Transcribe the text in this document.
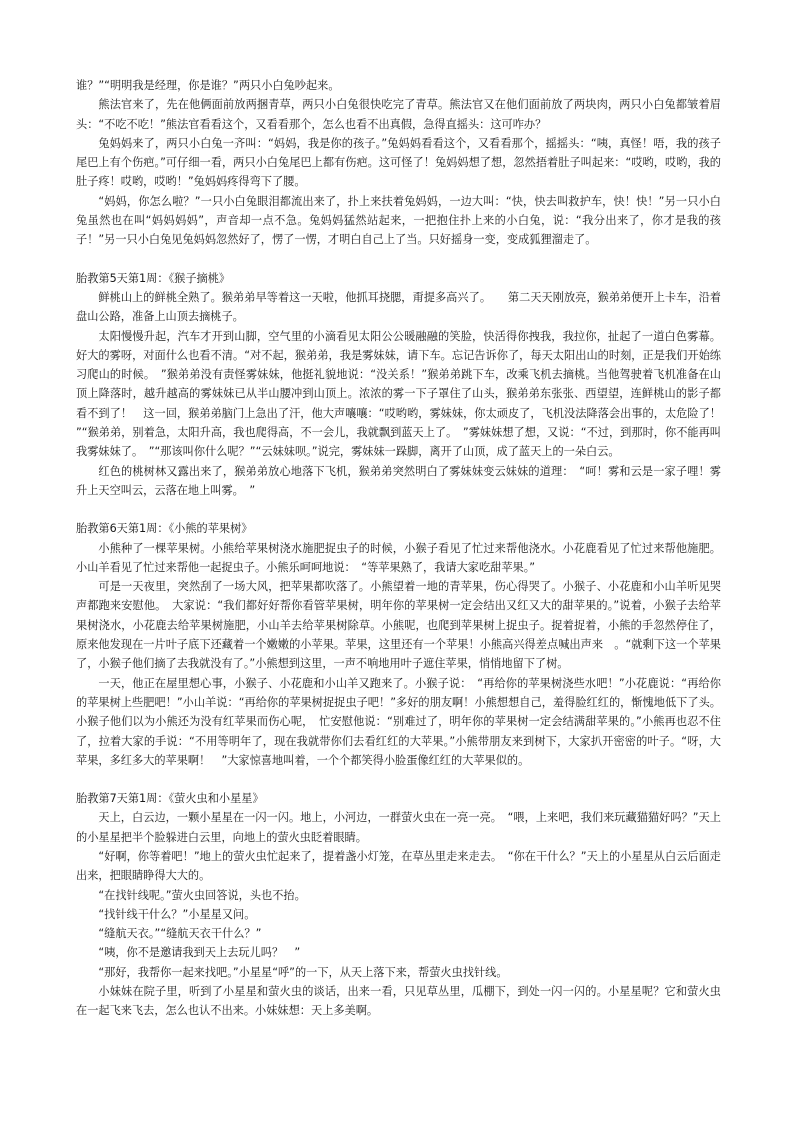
谁？”“明明我是经理，你是谁？”两只小白兔吵起来。

熊法官来了，先在他俩面前放两捆青草，两只小白兔很快吃完了青草。熊法官又在他们面前放了两块肉，两只小白兔都皱着眉头：“不吃不吃！”熊法官看看这个，又看看那个，怎么也看不出真假，急得直摇头：这可咋办？

兔妈妈来了，两只小白兔一齐叫：“妈妈，我是你的孩子。”兔妈妈看看这个，又看看那个，摇摇头：“咦，真怪！唔，我的孩子尾巴上有个伤疤。”可仔细一看，两只小白兔尾巴上都有伤疤。这可怪了！兔妈妈想了想，忽然捂着肚子叫起来：“哎哟，哎哟，我的肚子疼！哎哟，哎哟！”兔妈妈疼得弯下了腰。

“妈妈，你怎么啦？”一只小白兔眼泪都流出来了，扑上来扶着兔妈妈，一边大叫：“快，快去叫救护车，快！快！”另一只小白兔虽然也在叫“妈妈妈妈”，声音却一点不急。兔妈妈猛然站起来，一把抱住扑上来的小白兔，说：“我分出来了，你才是我的孩子！”另一只小白兔见兔妈妈忽然好了，愣了一愣，才明白自己上了当。只好摇身一变，变成狐狸溜走了。

胎教第5天第1周：《猴子摘桃》

鲜桃山上的鲜桃全熟了。猴弟弟早等着这一天啦，他抓耳挠腮，甭提多高兴了。　　第二天天刚放亮，猴弟弟便开上卡车，沿着盘山公路，准备上山顶去摘桃子。

太阳慢慢升起，汽车才开到山脚，空气里的小滴看见太阳公公暖融融的笑脸，快活得你拽我，我拉你，扯起了一道白色雾幕。好大的雾呀，对面什么也看不清。“对不起，猴弟弟，我是雾妹妹，请下车。忘记告诉你了，每天太阳出山的时刻，正是我们开始练习爬山的时候。　”猴弟弟没有责怪雾妹妹，他挺礼貌地说：“没关系！”猴弟弟跳下车，改乘飞机去摘桃。当他驾驶着飞机准备在山顶上降落时，越升越高的雾妹妹已从半山腰冲到山顶上。浓浓的雾一下子罩住了山头，猴弟弟东张张、西望望，连鲜桃山的影子都看不到了！　这一回，猴弟弟脑门上急出了汗，他大声嚷嚷：“哎哟哟，雾妹妹，你太顽皮了，飞机没法降落会出事的，太危险了！　”“猴弟弟，别着急，太阳升高，我也爬得高，不一会儿，我就飘到蓝天上了。　”雾妹妹想了想，又说：“不过，到那时，你不能再叫我雾妹妹了。　”“那该叫你什么呢？”“云妹妹呗。”说完，雾妹妹一跺脚，离开了山顶，成了蓝天上的一朵白云。

红色的桃树林又露出来了，猴弟弟放心地落下飞机，猴弟弟突然明白了雾妹妹变云妹妹的道理：　“呵！雾和云是一家子哩！雾升上天空叫云，云落在地上叫雾。　”

胎教第6天第1周：《小熊的苹果树》

小熊种了一棵苹果树。小熊给苹果树浇水施肥捉虫子的时候，小猴子看见了忙过来帮他浇水。小花鹿看见了忙过来帮他施肥。小山羊看见了忙过来帮他一起捉虫子。小熊乐呵呵地说：　“等苹果熟了，我请大家吃甜苹果。”

可是一天夜里，突然刮了一场大风，把苹果都吹落了。小熊望着一地的青苹果，伤心得哭了。小猴子、小花鹿和小山羊听见哭声都跑来安慰他。　大家说：“我们都好好帮你看管苹果树，明年你的苹果树一定会结出又红又大的甜苹果的。”说着，小猴子去给苹果树浇水，小花鹿去给苹果树施肥，小山羊去给苹果树除草。小熊呢，也爬到苹果树上捉虫子。捉着捉着，小熊的手忽然停住了，原来他发现在一片叶子底下还藏着一个嫩嫩的小苹果。苹果，这里还有一个苹果！小熊高兴得差点喊出声来　。“就剩下这一个苹果了，小猴子他们摘了去我就没有了。”小熊想到这里，一声不响地用叶子遮住苹果，悄悄地留下了树。

一天，他正在屋里想心事，小猴子、小花鹿和小山羊又跑来了。小猴子说：　“再给你的苹果树浇些水吧！”小花鹿说：“再给你的苹果树上些肥吧！”小山羊说：“再给你的苹果树捉捉虫子吧！”多好的朋友啊！小熊想想自己，羞得脸红红的，惭愧地低下了头。小猴子他们以为小熊还为没有红苹果而伤心呢，　忙安慰他说：“别难过了，明年你的苹果树一定会结满甜苹果的。”小熊再也忍不住了，拉着大家的手说：“不用等明年了，现在我就带你们去看红红的大苹果。”小熊带朋友来到树下，大家扒开密密的叶子。“呀，大苹果，多红多大的苹果啊！　”大家惊喜地叫着，一个个都笑得小脸蛋像红红的大苹果似的。

胎教第7天第1周：《萤火虫和小星星》

天上，白云边，一颗小星星在一闪一闪。地上，小河边，一群萤火虫在一亮一亮。　“喂，上来吧，我们来玩藏猫猫好吗？”天上的小星星把半个脸躲进白云里，向地上的萤火虫眨着眼睛。

“好啊，你等着吧！”地上的萤火虫忙起来了，提着盏小灯笼，在草丛里走来走去。　“你在干什么？”天上的小星星从白云后面走出来，把眼睛睁得大大的。

“在找针线呢。”萤火虫回答说，头也不抬。

“找针线干什么？”小星星又问。

“缝航天衣。”“缝航天衣干什么？”

“咦，你不是邀请我到天上去玩儿吗？　”

“那好，我帮你一起来找吧。”小星星“呼”的一下，从天上落下来，帮萤火虫找针线。

小妹妹在院子里，听到了小星星和萤火虫的谈话，出来一看，只见草丛里，瓜棚下，到处一闪一闪的。小星星呢？它和萤火虫在一起飞来飞去，怎么也认不出来。小妹妹想：天上多美啊。
